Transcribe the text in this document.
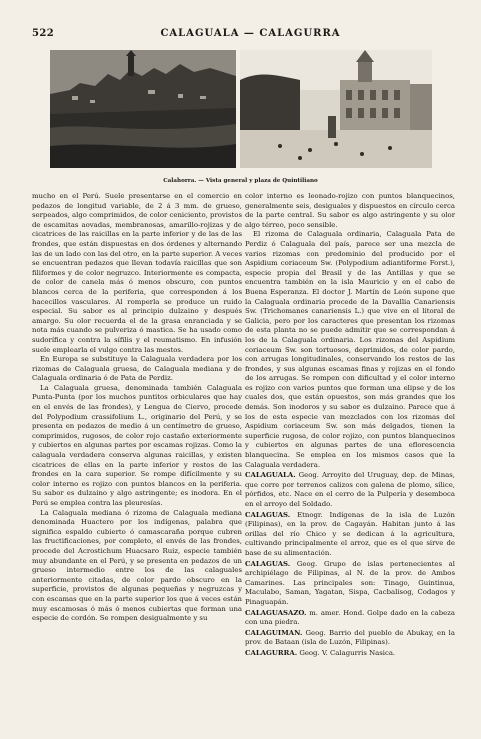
522	CALAGUALA — CALAGURRA
Calahorra. — Vista general y plaza de Quintiliano

mucho en el Perú. Suele presentarse en el comercio en pedazos de longitud variable, de 2 á 3 mm. de grueso, serpeados, algo comprimidos, de color ceniciento, provistos de escamitas aovadas, membranosas, amarillo-rojizas y de cicatrices de las raicillas en la parte inferior y de las de las frondes, que están dispuestas en dos órdenes y alternando las de un lado con las del otro, en la parte superior. A veces se encuentran pedazos que llevan todavía raicillas que son filiformes y de color negruzco. Interiormente es compacta, de color de canela más ó menos obscuro, con puntos blancos cerca de la periferia, que corresponden á los hacecillos vasculares. Al romperla se produce un ruido especial. Su sabor es al principio dulzaino y después amargo. Su olor recuerda el de la grasa enranciada y se nota más cuando se pulveriza ó mastica. Se ha usado como sudorífica y contra la sífilis y el reumatismo. En infusión suele emplearla el vulgo contra las mestos.

En Europa se substituye la Calaguala verdadera por los rizomas de Calaguala gruesa, de Calaguala mediana y de Calaguala ordinaria ó de Pata de Perdiz.

La Calaguala gruesa, denominada también Calaguala Punta-Punta (por los muchos puntitos orbiculares que hay en el envés de las frondes), y Lengua de Ciervo, procede del Polypodium crassifolium L., originario del Perú, y se presenta en pedazos de medio á un centímetro de grueso, comprimidos, rugosos, de color rojo castaño exteriormente y cubiertos en algunas partes por escamas rojizas. Como la calaguala verdadera conserva algunas raicillas, y existen cicatrices de ellas en la parte inferior y restos de las frondes en la cara superior. Se rompe difícilmente y su color interno es rojizo con puntos blancos en la periferia. Su sabor es dulzaino y algo astringente; es inodora. En el Perú se emplea contra las pleuresías.

La Calaguala mediana ó rizoma de Calaguala mediana denominada Huactero por los indígenas, palabra que significa espaldo cubierto ó camascaraña porque cubren las fructificaciones, por completo, el envés de las frondes, procede del Acrostichum Huacsaro Ruiz, especie también muy abundante en el Perú, y se presenta en pedazos de un grueso intermedio entre los de las calaguales anteriormente citadas, de color pardo obscuro en la superficie, provistos de algunas pequeñas y negruzcas y con escamas que en la parte superior los que á veces están muy escamosas ó más ó menos cubiertas que forman una especie de cordón. Se rompen desigualmente y su

color interno es leonado-rojizo con puntos blanquecinos, generalmente seis, desiguales y dispuestos en círculo cerca de la parte central. Su sabor es algo astringente y su olor algo térreo, poco sensible.

El rizoma de Calaguala ordinaria, Calaguala Pata de Perdiz ó Calaguala del país, parece ser una mezcla de varios rizomas con predominio del producido por el Aspidium coriaceum Sw. (Polypodium adiantiforme Forst.), especie propia del Brasil y de las Antillas y que se encuentra también en la isla Mauricio y en el cabo de Buena Esperanza. El doctor J. Martín de León supone que la Calaguala ordinaria procede de la Davallia Canariensis Sw. (Trichomanes canariensis L.) que vive en el litoral de Galicia, pero por los caracteres que presentan los rizomas de esta planta no se puede admitir que se correspondan á los de la Calaguala ordinaria. Los rizomas del Aspidium coriaceum Sw. son tortuosos, deprimidos, de color pardo, con arrugas longitudinales, conservando los restos de las frondes, y sus algunas escamas finas y rojizas en el fondo de los arrugas. Se rompen con dificultad y el color interno es rojizo con varios puntos que forman una elipse y de los cuales dos, que están opuestos, son más grandes que los demás. Son inodoros y su sabor es dulzaino. Parece que á los de esta especie van mezclados con los rizomas del Aspidium coriaceum Sw. son más delgados, tienen la superficie rugosa, de color rojizo, con puntos blanquecinos y cubiertos en algunas partes de una eflorescencia blanquecina. Se emplea en los mismos casos que la Calaguala verdadera.

CALAGUALA. Geog. Arroyito del Uruguay, dep. de Minas, que corre por terrenos calizos con galena de plomo, sílice, pórfidos, etc. Nace en el cerro de la Pulpería y desemboca en el arroyo del Soldado.

CALAGUAS. Etnogr. Indígenas de la isla de Luzón (Filipinas), en la prov. de Cagayán. Habitan junto á las orillas del río Chico y se dedican á la agricultura, cultivando principalmente el arroz, que es el que sirve de base de su alimentación.

CALAGUAS. Geog. Grupo de islas pertenecientes al archipiélago de Filipinas, al N. de la prov. de Ambos Camarines. Las principales son: Tinago, Guintinua, Maculabo, Saman, Yagatan, Sispa, Cacbalisog, Codagos y Pinaguapán.

CALAGUASAZO. m. amer. Hond. Golpe dado en la cabeza con una piedra.

CALAGUIMAN. Geog. Barrio del pueblo de Abukay, en la prov. de Bataan (isla de Luzón, Filipinas).

CALAGURRA. Geog. V. Calagurris Nasica.
